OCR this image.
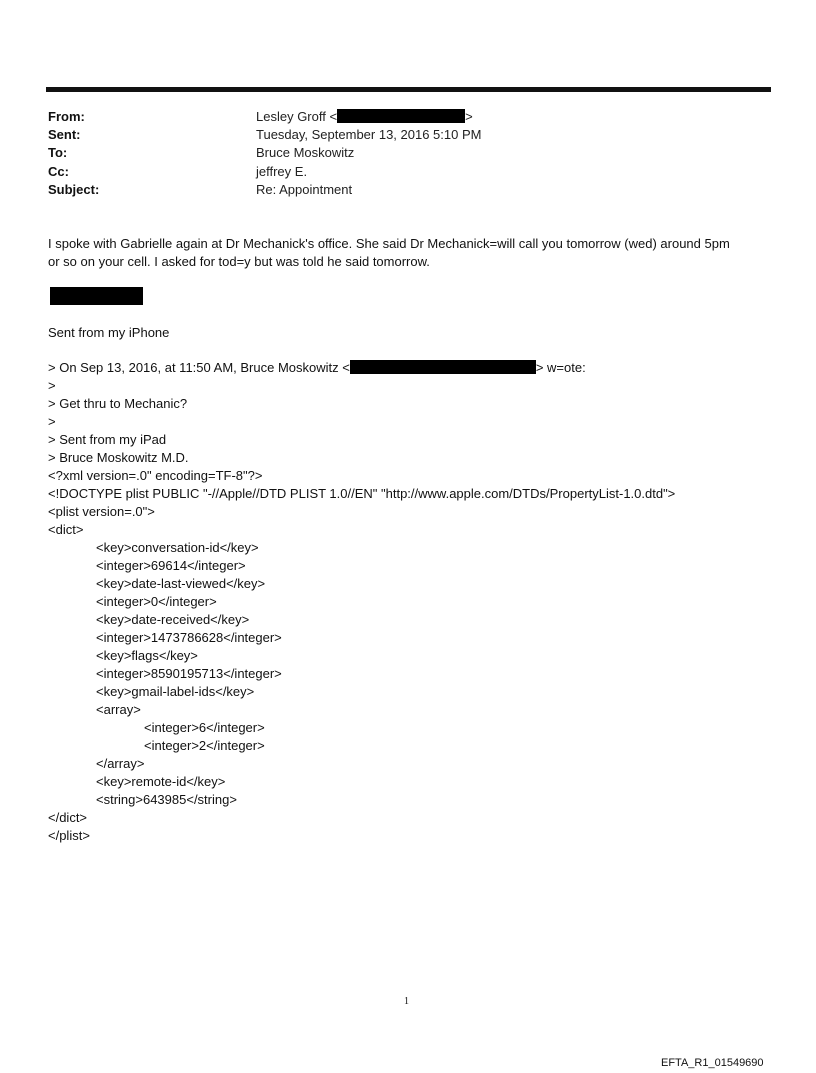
From:	Lesley Groff <	>
Sent:	Tuesday, September 13, 2016 5:10 PM
To:	Bruce Moskowitz
Cc:	jeffrey E.
Subject:	Re: Appointment
I spoke with Gabrielle again at Dr Mechanick's office. She said Dr Mechanick=will call you tomorrow (wed) around 5pm
or so on your cell. I asked for tod=y but was told he said tomorrow.
Sent from my iPhone
> On Sep 13, 2016, at 11:50 AM, Bruce Moskowitz <	> w=ote:
>
> Get thru to Mechanic?
>
> Sent from my iPad
> Bruce Moskowitz M.D.
<?xml version=.0" encoding=TF-8"?>
<!DOCTYPE plist PUBLIC "-//Apple//DTD PLIST 1.0//EN" "http://www.apple.com/DTDs/PropertyList-1.0.dtd">
<plist version=.0">
<dict>
<key>conversation-id</key>
<integer>69614</integer>
<key>date-last-viewed</key>
<integer>0</integer>
<key>date-received</key>
<integer>1473786628</integer>
<key>flags</key>
<integer>8590195713</integer>
<key>gmail-label-ids</key>
<array>
<integer>6</integer>
<integer>2</integer>
</array>
<key>remote-id</key>
<string>643985</string>
</dict>
</plist>
1
EFTA_R1_01549690
